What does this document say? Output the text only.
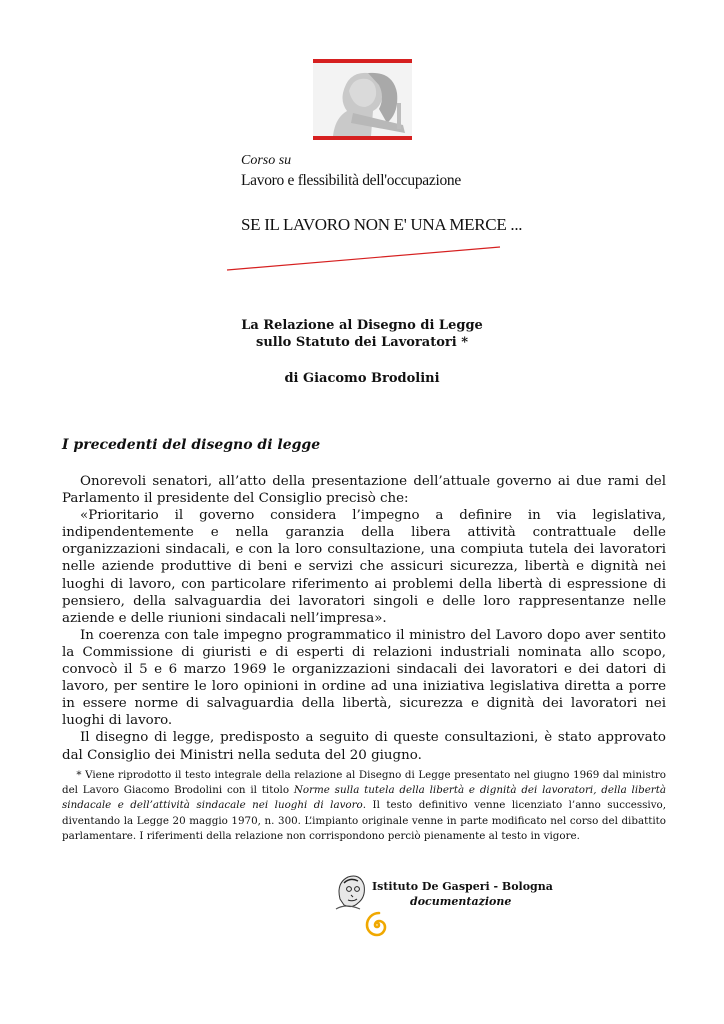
Corso su
Lavoro e flessibilità dell'occupazione
SE IL LAVORO NON E' UNA MERCE ...
La Relazione al Disegno di Legge
sullo Statuto dei Lavoratori *
di Giacomo Brodolini
I precedenti del disegno di legge

Onorevoli senatori, all’atto della presentazione dell’attuale governo ai due rami del Parlamento il presidente del Consiglio precisò che:

«Prioritario il governo considera l’impegno a definire in via legislativa, indipendentemente e nella garanzia della libera attività contrattuale delle organizzazioni sindacali, e con la loro consultazione, una compiuta tutela dei lavoratori nelle aziende produttive di beni e servizi che assicuri sicurezza, libertà e dignità nei luoghi di lavoro, con particolare riferimento ai problemi della libertà di espressione di pensiero, della salvaguardia dei lavoratori singoli e delle loro rappresentanze nelle aziende e delle riunioni sindacali nell’impresa».

In coerenza con tale impegno programmatico il ministro del Lavoro dopo aver sentito la Commissione di giuristi e di esperti di relazioni industriali nominata allo scopo, convocò il 5 e 6 marzo 1969 le organizzazioni sindacali dei lavoratori e dei datori di lavoro, per sentire le loro opinioni in ordine ad una iniziativa legislativa diretta a porre in essere norme di salvaguardia della libertà, sicurezza e dignità dei lavoratori nei luoghi di lavoro.

Il disegno di legge, predisposto a seguito di queste consultazioni, è stato approvato dal Consiglio dei Ministri nella seduta del 20 giugno.

* Viene riprodotto il testo integrale della relazione al Disegno di Legge presentato nel giugno 1969 dal ministro del Lavoro Giacomo Brodolini con il titolo Norme sulla tutela della libertà e dignità dei lavoratori, della libertà sindacale e dell’attività sindacale nei luoghi di lavoro. Il testo definitivo venne licenziato l’anno successivo, diventando la Legge 20 maggio 1970, n. 300. L’impianto originale venne in parte modificato nel corso del dibattito parlamentare. I riferimenti della relazione non corrispondono perciò pienamente al testo in vigore.
Istituto De Gasperi - Bologna
documentazione
